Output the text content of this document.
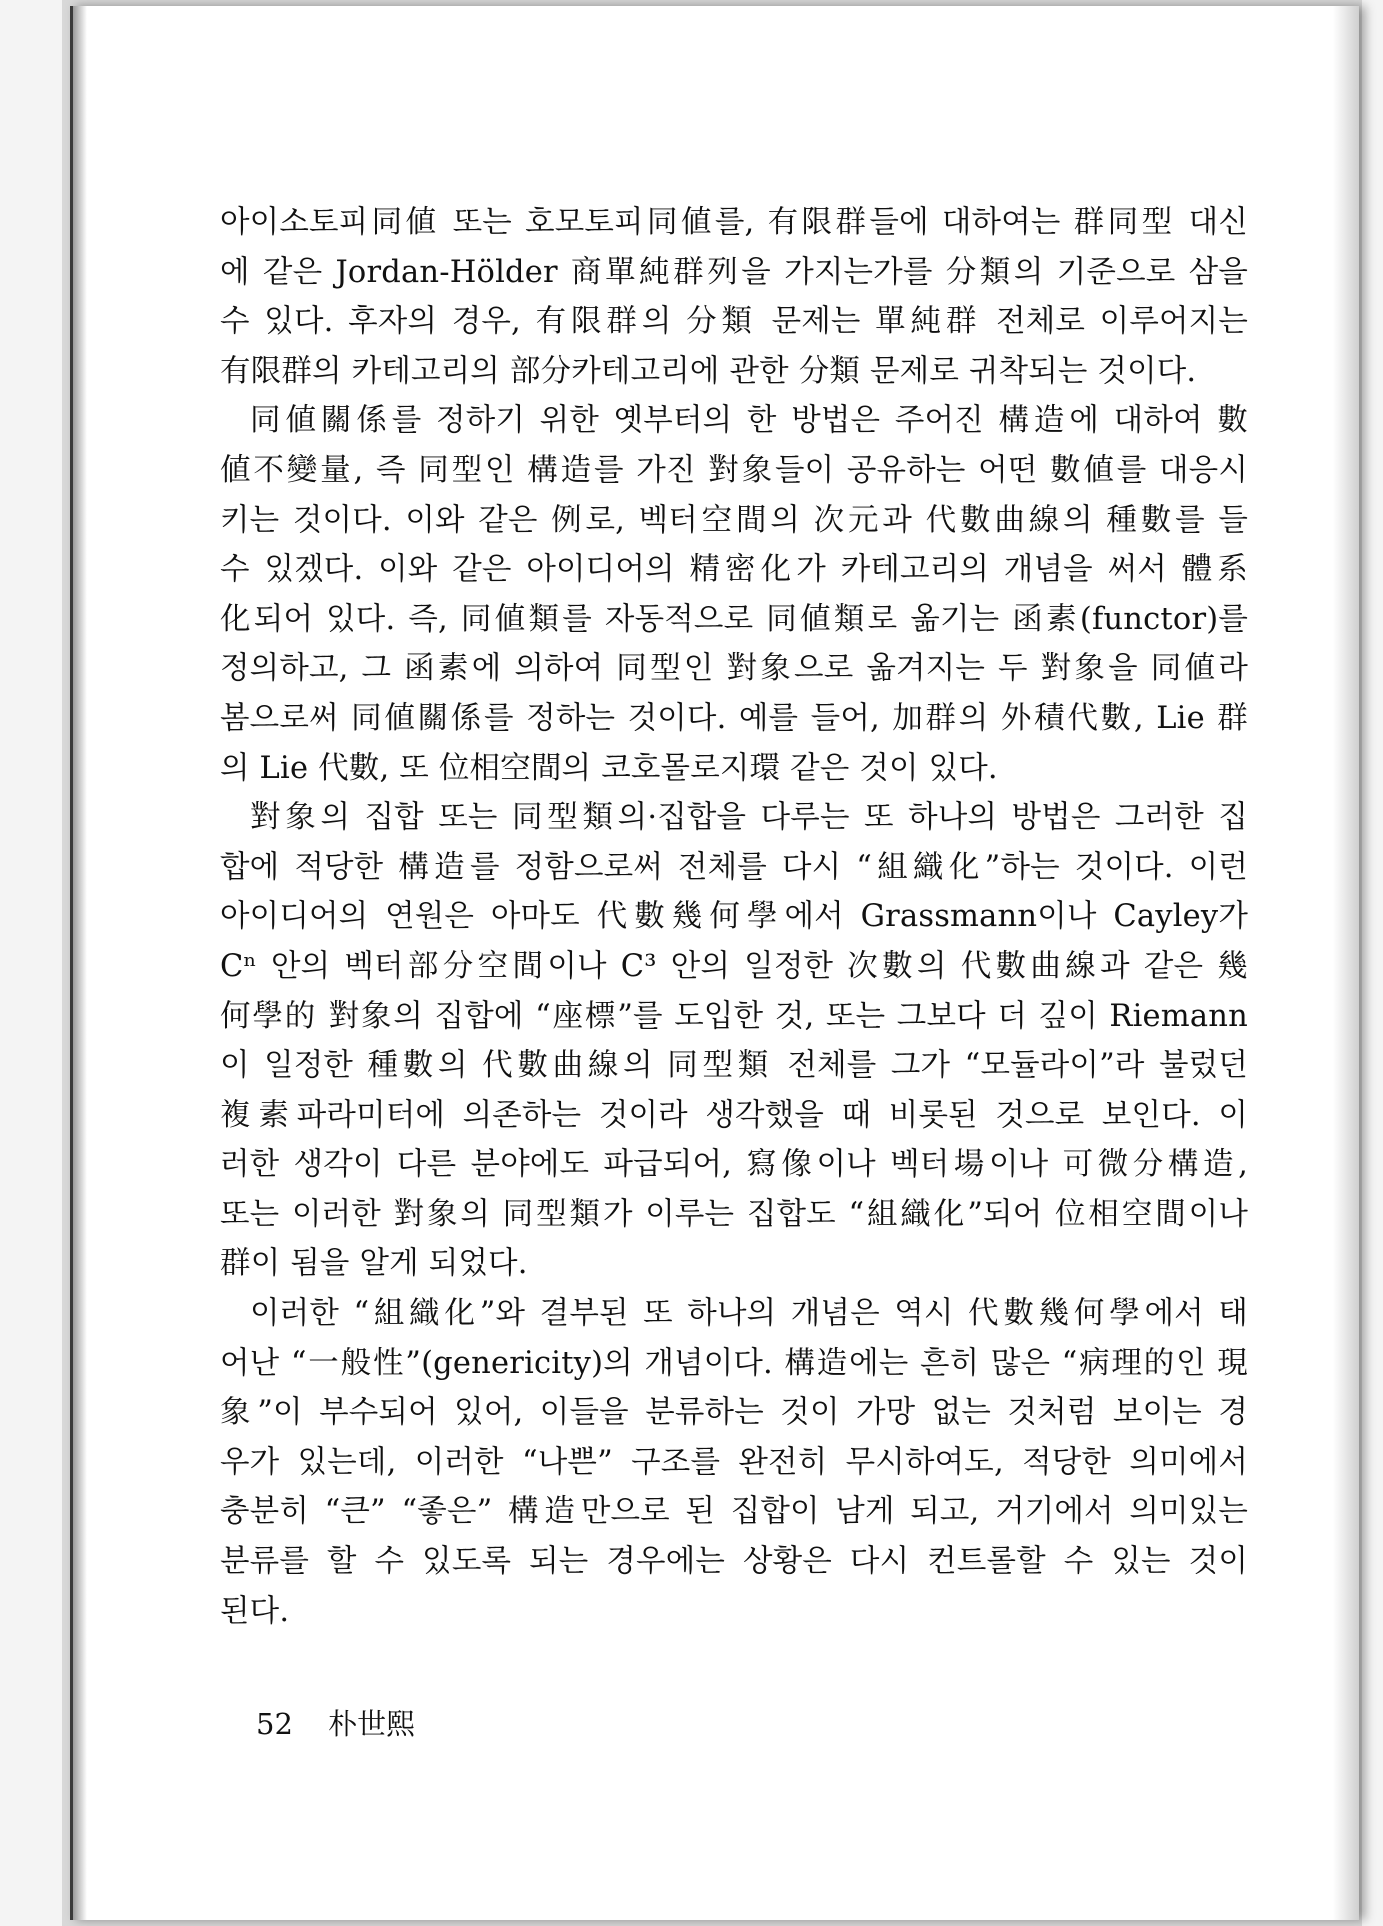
아이소토피同値 또는 호모토피同値를, 有限群들에 대하여는 群同型 대신
에 같은 Jordan-Hölder 商單純群列을 가지는가를 分類의 기준으로 삼을
수 있다. 후자의 경우, 有限群의 分類 문제는 單純群 전체로 이루어지는
有限群의 카테고리의 部分카테고리에 관한 分類 문제로 귀착되는 것이다.
同値關係를 정하기 위한 옛부터의 한 방법은 주어진 構造에 대하여 數
値不變量, 즉 同型인 構造를 가진 對象들이 공유하는 어떤 數値를 대응시
키는 것이다. 이와 같은 例로, 벡터空間의 次元과 代數曲線의 種數를 들
수 있겠다. 이와 같은 아이디어의 精密化가 카테고리의 개념을 써서 體系
化되어 있다. 즉, 同値類를 자동적으로 同値類로 옮기는 函素(functor)를
정의하고, 그 函素에 의하여 同型인 對象으로 옮겨지는 두 對象을 同値라
봄으로써 同値關係를 정하는 것이다. 예를 들어, 加群의 外積代數, Lie 群
의 Lie 代數, 또 位相空間의 코호몰로지環 같은 것이 있다.
對象의 집합 또는 同型類의·집합을 다루는 또 하나의 방법은 그러한 집
합에 적당한 構造를 정함으로써 전체를 다시 “組織化”하는 것이다. 이런
아이디어의 연원은 아마도 代數幾何學에서 Grassmann이나 Cayley가
Cⁿ 안의 벡터部分空間이나 C³ 안의 일정한 次數의 代數曲線과 같은 幾
何學的 對象의 집합에 “座標”를 도입한 것, 또는 그보다 더 깊이 Riemann
이 일정한 種數의 代數曲線의 同型類 전체를 그가 “모듈라이”라 불렀던
複素파라미터에 의존하는 것이라 생각했을 때 비롯된 것으로 보인다. 이
러한 생각이 다른 분야에도 파급되어, 寫像이나 벡터場이나 可微分構造,
또는 이러한 對象의 同型類가 이루는 집합도 “組織化”되어 位相空間이나
群이 됨을 알게 되었다.
이러한 “組織化”와 결부된 또 하나의 개념은 역시 代數幾何學에서 태
어난 “一般性”(genericity)의 개념이다. 構造에는 흔히 많은 “病理的인 現
象”이 부수되어 있어, 이들을 분류하는 것이 가망 없는 것처럼 보이는 경
우가 있는데, 이러한 “나쁜” 구조를 완전히 무시하여도, 적당한 의미에서
충분히 “큰” “좋은” 構造만으로 된 집합이 남게 되고, 거기에서 의미있는
분류를 할 수 있도록 되는 경우에는 상황은 다시 컨트롤할 수 있는 것이
된다.
52 朴世熙
